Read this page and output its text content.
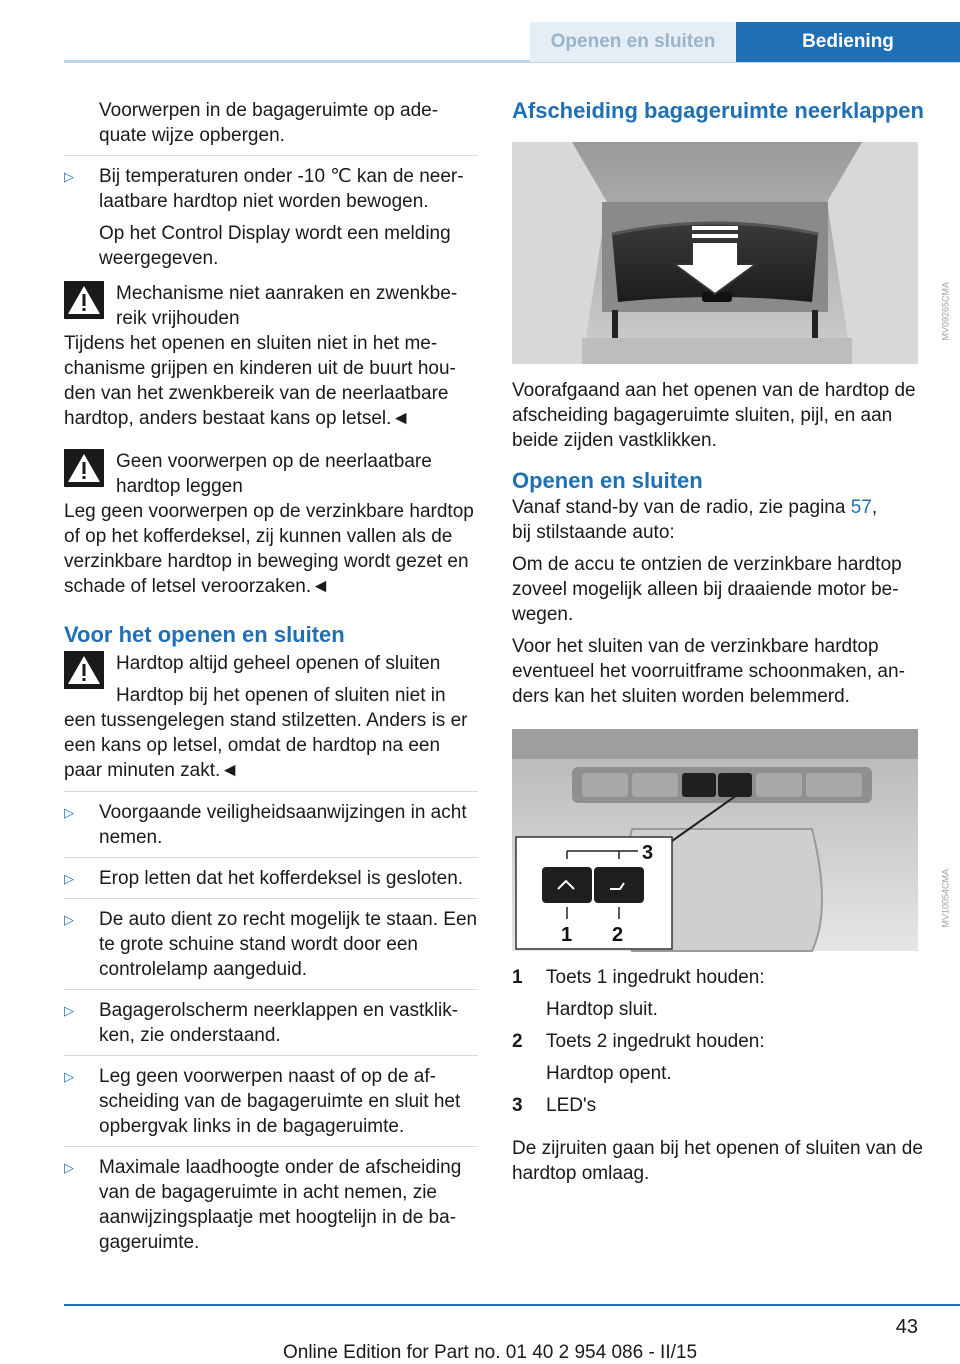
Openen en sluiten	Bediening

Voorwerpen in de bagageruimte op adequate wijze opbergen.

▷ Bij temperaturen onder -10 ℃ kan de neerlaatbare hardtop niet worden bewogen.

Op het Control Display wordt een melding weergegeven.

Mechanisme niet aanraken en zwenkbereik vrijhouden

Tijdens het openen en sluiten niet in het mechanisme grijpen en kinderen uit de buurt houden van het zwenkbereik van de neerlaatbare hardtop, anders bestaat kans op letsel.◄

Geen voorwerpen op de neerlaatbare hardtop leggen

Leg geen voorwerpen op de verzinkbare hardtop of op het kofferdeksel, zij kunnen vallen als de verzinkbare hardtop in beweging wordt gezet en schade of letsel veroorzaken.◄

Voor het openen en sluiten

Hardtop altijd geheel openen of sluiten

Hardtop bij het openen of sluiten niet in

een tussengelegen stand stilzetten. Anders is er een kans op letsel, omdat de hardtop na een paar minuten zakt.◄

▷ Voorgaande veiligheidsaanwijzingen in acht nemen.

▷ Erop letten dat het kofferdeksel is gesloten.

▷ De auto dient zo recht mogelijk te staan. Een te grote schuine stand wordt door een controlelamp aangeduid.

▷ Bagagerolscherm neerklappen en vastklikken, zie onderstaand.

▷ Leg geen voorwerpen naast of op de afscheiding van de bagageruimte en sluit het opbergvak links in de bagageruimte.

▷ Maximale laadhoogte onder de afscheiding van de bagageruimte in acht nemen, zie aanwijzingsplaatje met hoogtelijn in de bagageruimte.

Afscheiding bagageruimte neerklappen

MV09265CMA

Voorafgaand aan het openen van de hardtop de afscheiding bagageruimte sluiten, pijl, en aan beide zijden vastklikken.

Openen en sluiten

Vanaf stand-by van de radio, zie pagina 57,

bij stilstaande auto:

Om de accu te ontzien de verzinkbare hardtop zoveel mogelijk alleen bij draaiende motor bewegen.

Voor het sluiten van de verzinkbare hardtop eventueel het voorruitframe schoonmaken, anders kan het sluiten worden belemmerd.

3
1 2
MV10054CMA
1 Toets 1 ingedrukt houden:

Hardtop sluit.

2 Toets 2 ingedrukt houden:

Hardtop opent.

3 LED's

De zijruiten gaan bij het openen of sluiten van de hardtop omlaag.

43
Online Edition for Part no. 01 40 2 954 086 - II/15
